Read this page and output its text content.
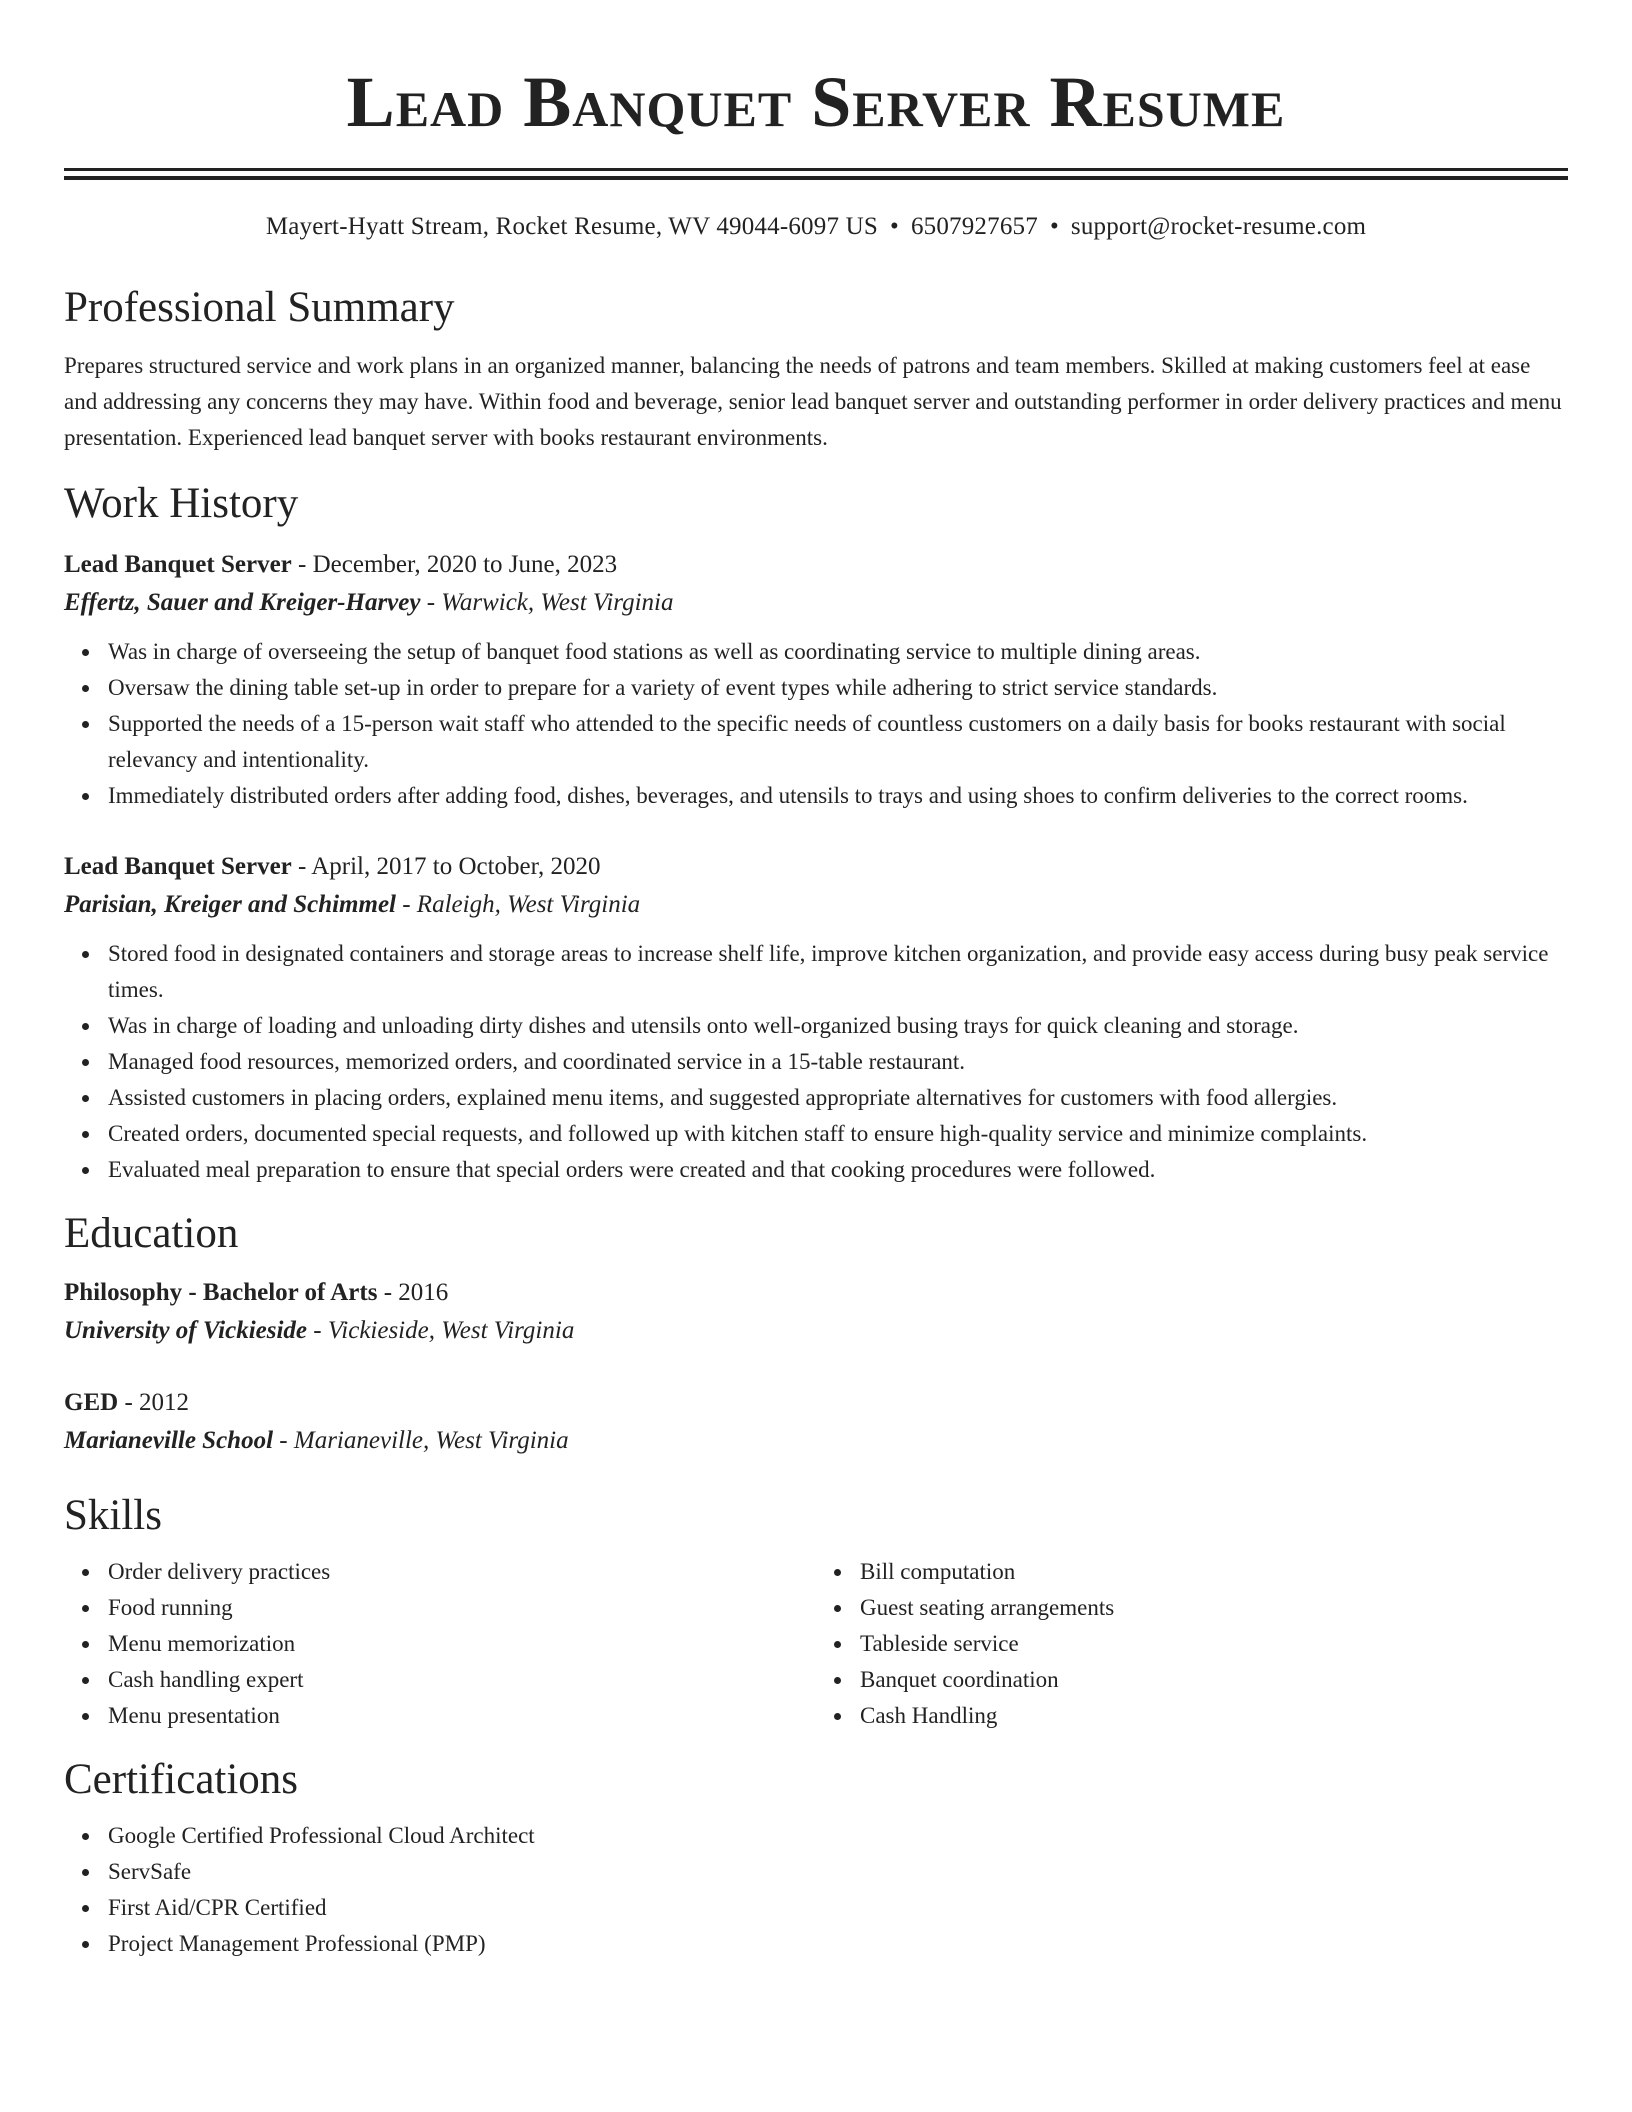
Lead Banquet Server Resume
Mayert-Hyatt Stream, Rocket Resume, WV 49044-6097 US • 6507927657 • support@rocket-resume.com
Professional Summary

Prepares structured service and work plans in an organized manner, balancing the needs of patrons and team members. Skilled at making customers feel at ease and addressing any concerns they may have. Within food and beverage, senior lead banquet server and outstanding performer in order delivery practices and menu presentation. Experienced lead banquet server with books restaurant environments.

Work History
Lead Banquet Server - December, 2020 to June, 2023
Effertz, Sauer and Kreiger-Harvey - Warwick, West Virginia
Was in charge of overseeing the setup of banquet food stations as well as coordinating service to multiple dining areas.
Oversaw the dining table set-up in order to prepare for a variety of event types while adhering to strict service standards.
Supported the needs of a 15-person wait staff who attended to the specific needs of countless customers on a daily basis for books restaurant with social relevancy and intentionality.
Immediately distributed orders after adding food, dishes, beverages, and utensils to trays and using shoes to confirm deliveries to the correct rooms.
Lead Banquet Server - April, 2017 to October, 2020
Parisian, Kreiger and Schimmel - Raleigh, West Virginia
Stored food in designated containers and storage areas to increase shelf life, improve kitchen organization, and provide easy access during busy peak service times.
Was in charge of loading and unloading dirty dishes and utensils onto well-organized busing trays for quick cleaning and storage.
Managed food resources, memorized orders, and coordinated service in a 15-table restaurant.
Assisted customers in placing orders, explained menu items, and suggested appropriate alternatives for customers with food allergies.
Created orders, documented special requests, and followed up with kitchen staff to ensure high-quality service and minimize complaints.
Evaluated meal preparation to ensure that special orders were created and that cooking procedures were followed.
Education
Philosophy - Bachelor of Arts - 2016
University of Vickieside - Vickieside, West Virginia
GED - 2012
Marianeville School - Marianeville, West Virginia
Skills
Order delivery practices
Food running
Menu memorization
Cash handling expert
Menu presentation
Bill computation
Guest seating arrangements
Tableside service
Banquet coordination
Cash Handling
Certifications
Google Certified Professional Cloud Architect
ServSafe
First Aid/CPR Certified
Project Management Professional (PMP)
